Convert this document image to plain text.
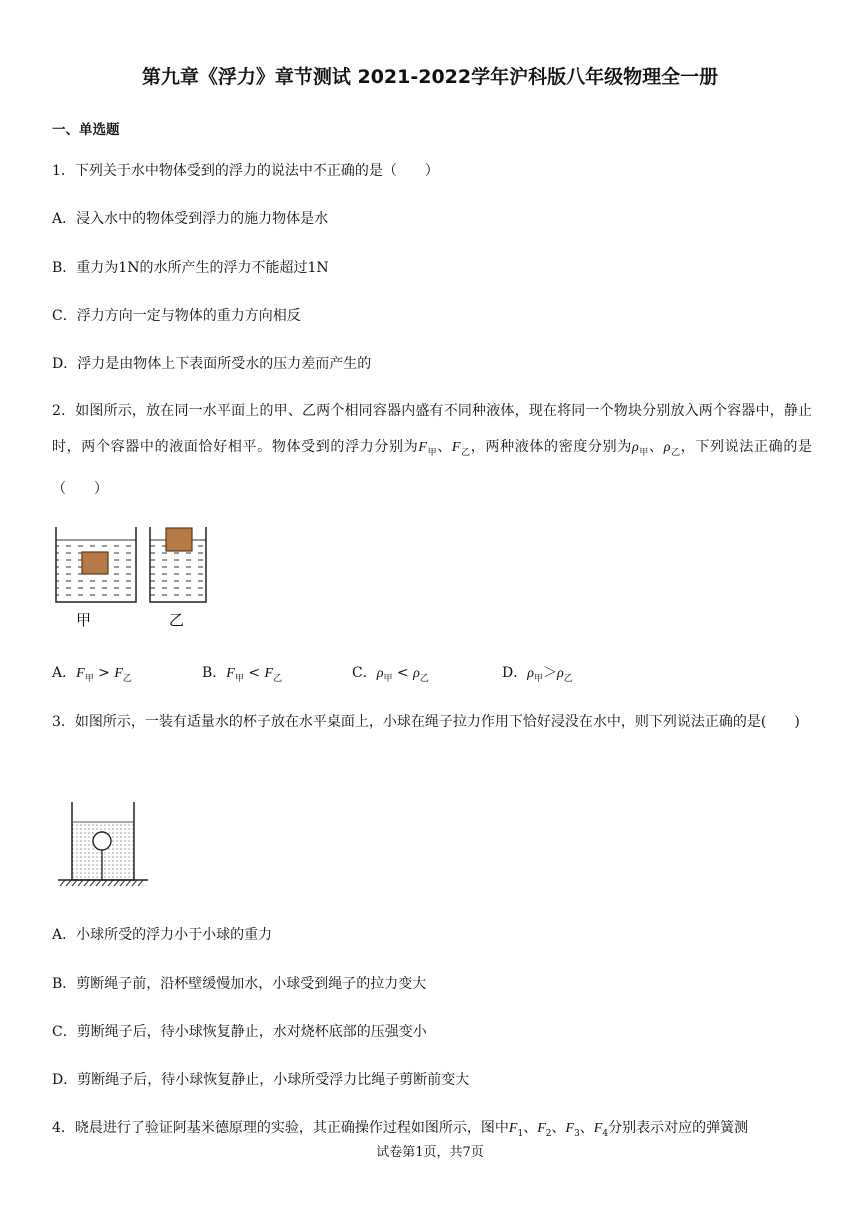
第九章《浮力》章节测试 2021-2022学年沪科版八年级物理全一册
一、单选题
1．下列关于水中物体受到的浮力的说法中不正确的是（　　）
A．浸入水中的物体受到浮力的施力物体是水
B．重力为1N的水所产生的浮力不能超过1N
C．浮力方向一定与物体的重力方向相反
D．浮力是由物体上下表面所受水的压力差而产生的
2．如图所示，放在同一水平面上的甲、乙两个相同容器内盛有不同种液体，现在将同一个物块分别放入两个容器中，静止时，两个容器中的液面恰好相平。物体受到的浮力分别为$F_甲$、$F_乙$，两种液体的密度分别为$\rho_甲$、$\rho_乙$，下列说法正确的是（　　）
甲	乙
A．$F_甲 > F_乙$	B．$F_甲 < F_乙$	C．$\rho_甲 < \rho_乙$	D．$\rho_甲>\rho_乙$
3．如图所示，一装有适量水的杯子放在水平桌面上，小球在绳子拉力作用下恰好浸没在水中，则下列说法正确的是(　　)
A．小球所受的浮力小于小球的重力
B．剪断绳子前，沿杯壁缓慢加水，小球受到绳子的拉力变大
C．剪断绳子后，待小球恢复静止，水对烧杯底部的压强变小
D．剪断绳子后，待小球恢复静止，小球所受浮力比绳子剪断前变大
4．晓晨进行了验证阿基米德原理的实验，其正确操作过程如图所示，图中$F_1$、$F_2$、$F_3$、$F_4$分别表示对应的弹簧测
试卷第1页，共7页
